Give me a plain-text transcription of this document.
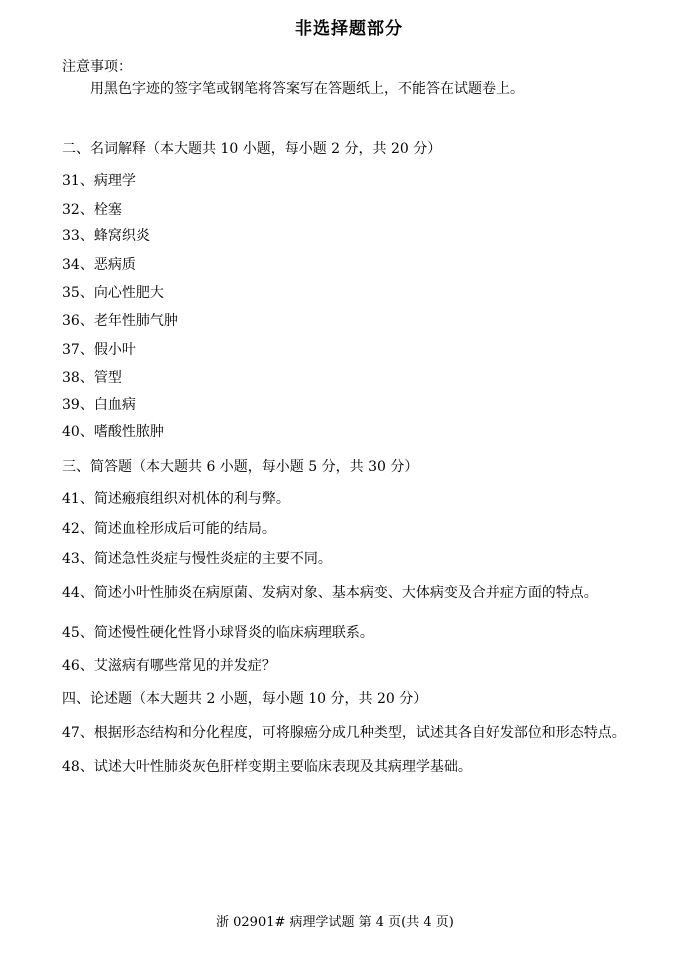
非选择题部分
注意事项：
用黑色字迹的签字笔或钢笔将答案写在答题纸上，不能答在试题卷上。
二、名词解释（本大题共 10 小题，每小题 2 分，共 20 分）
31、病理学
32、栓塞
33、蜂窝织炎
34、恶病质
35、向心性肥大
36、老年性肺气肿
37、假小叶
38、管型
39、白血病
40、嗜酸性脓肿
三、简答题（本大题共 6 小题，每小题 5 分，共 30 分）
41、简述瘢痕组织对机体的利与弊。
42、简述血栓形成后可能的结局。
43、简述急性炎症与慢性炎症的主要不同。
44、简述小叶性肺炎在病原菌、发病对象、基本病变、大体病变及合并症方面的特点。
45、简述慢性硬化性肾小球肾炎的临床病理联系。
46、艾滋病有哪些常见的并发症？
四、论述题（本大题共 2 小题，每小题 10 分，共 20 分）
47、根据形态结构和分化程度，可将腺癌分成几种类型，试述其各自好发部位和形态特点。
48、试述大叶性肺炎灰色肝样变期主要临床表现及其病理学基础。
浙 02901# 病理学试题 第 4 页(共 4 页)
